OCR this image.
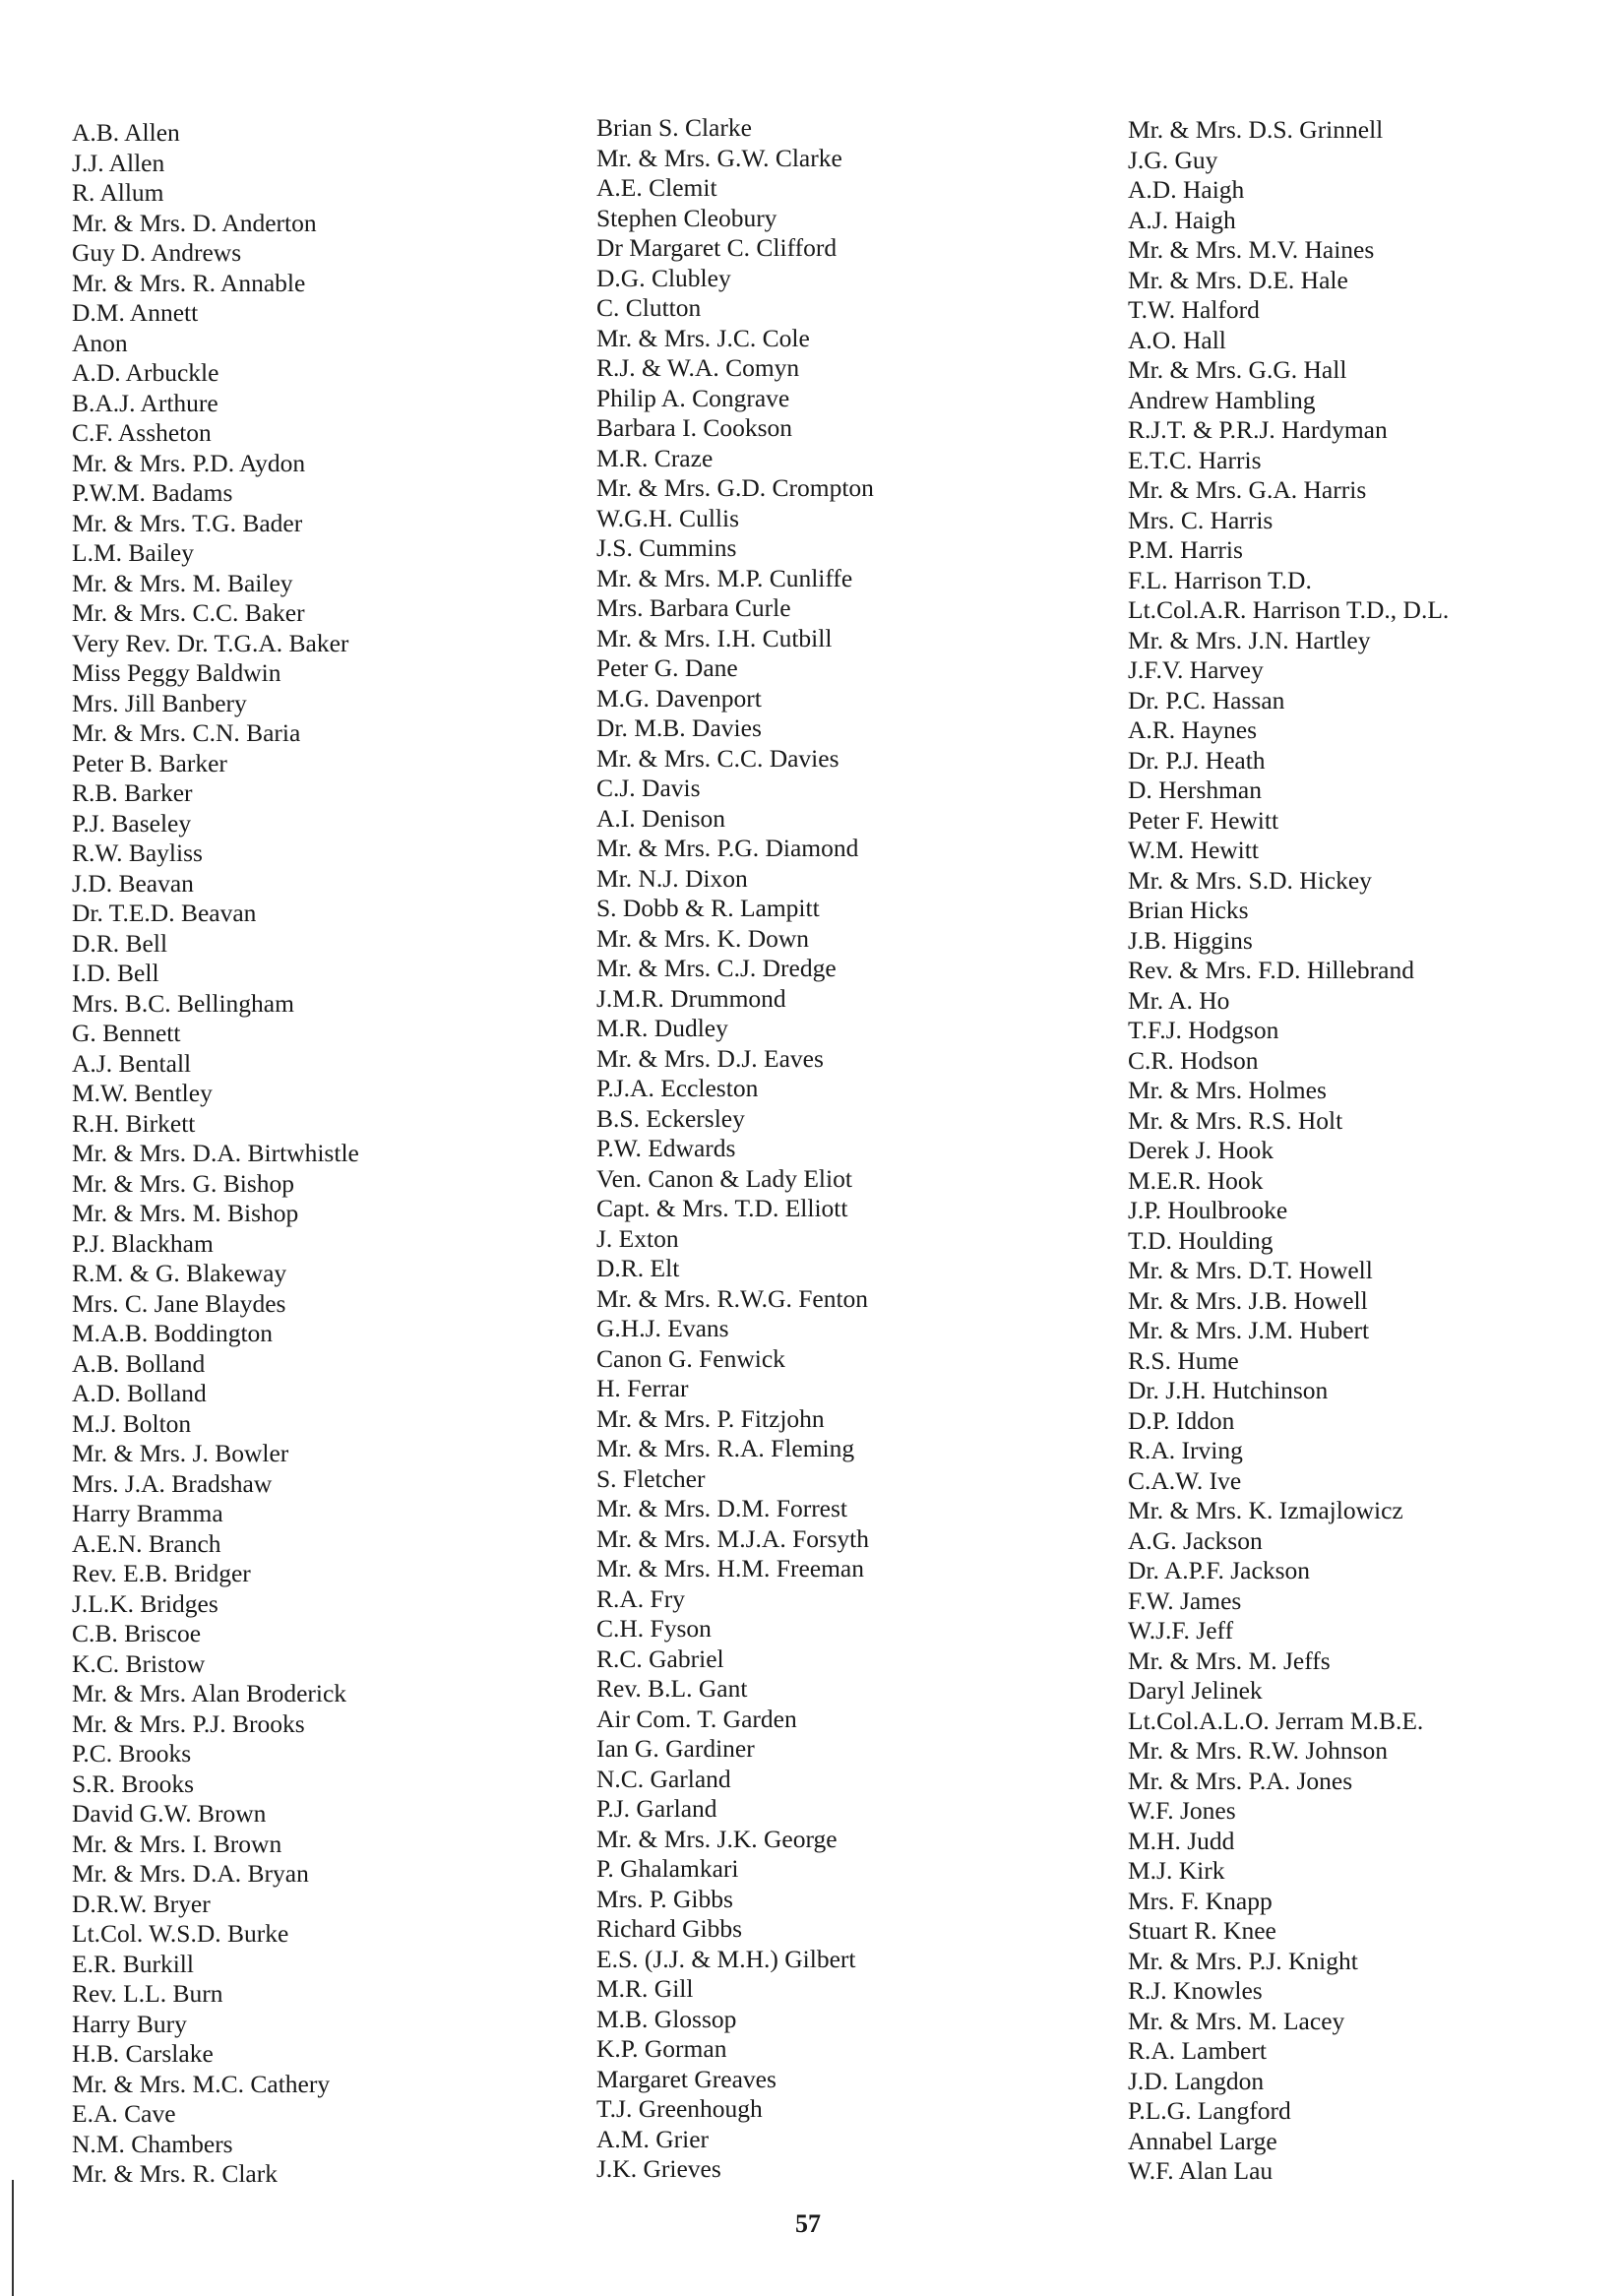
A.B. Allen
J.J. Allen
R. Allum
Mr. & Mrs. D. Anderton
Guy D. Andrews
Mr. & Mrs. R. Annable
D.M. Annett
Anon
A.D. Arbuckle
B.A.J. Arthure
C.F. Assheton
Mr. & Mrs. P.D. Aydon
P.W.M. Badams
Mr. & Mrs. T.G. Bader
L.M. Bailey
Mr. & Mrs. M. Bailey
Mr. & Mrs. C.C. Baker
Very Rev. Dr. T.G.A. Baker
Miss Peggy Baldwin
Mrs. Jill Banbery
Mr. & Mrs. C.N. Baria
Peter B. Barker
R.B. Barker
P.J. Baseley
R.W. Bayliss
J.D. Beavan
Dr. T.E.D. Beavan
D.R. Bell
I.D. Bell
Mrs. B.C. Bellingham
G. Bennett
A.J. Bentall
M.W. Bentley
R.H. Birkett
Mr. & Mrs. D.A. Birtwhistle
Mr. & Mrs. G. Bishop
Mr. & Mrs. M. Bishop
P.J. Blackham
R.M. & G. Blakeway
Mrs. C. Jane Blaydes
M.A.B. Boddington
A.B. Bolland
A.D. Bolland
M.J. Bolton
Mr. & Mrs. J. Bowler
Mrs. J.A. Bradshaw
Harry Bramma
A.E.N. Branch
Rev. E.B. Bridger
J.L.K. Bridges
C.B. Briscoe
K.C. Bristow
Mr. & Mrs. Alan Broderick
Mr. & Mrs. P.J. Brooks
P.C. Brooks
S.R. Brooks
David G.W. Brown
Mr. & Mrs. I. Brown
Mr. & Mrs. D.A. Bryan
D.R.W. Bryer
Lt.Col. W.S.D. Burke
E.R. Burkill
Rev. L.L. Burn
Harry Bury
H.B. Carslake
Mr. & Mrs. M.C. Cathery
E.A. Cave
N.M. Chambers
Mr. & Mrs. R. Clark
Brian S. Clarke
Mr. & Mrs. G.W. Clarke
A.E. Clemit
Stephen Cleobury
Dr Margaret C. Clifford
D.G. Clubley
C. Clutton
Mr. & Mrs. J.C. Cole
R.J. & W.A. Comyn
Philip A. Congrave
Barbara I. Cookson
M.R. Craze
Mr. & Mrs. G.D. Crompton
W.G.H. Cullis
J.S. Cummins
Mr. & Mrs. M.P. Cunliffe
Mrs. Barbara Curle
Mr. & Mrs. I.H. Cutbill
Peter G. Dane
M.G. Davenport
Dr. M.B. Davies
Mr. & Mrs. C.C. Davies
C.J. Davis
A.I. Denison
Mr. & Mrs. P.G. Diamond
Mr. N.J. Dixon
S. Dobb & R. Lampitt
Mr. & Mrs. K. Down
Mr. & Mrs. C.J. Dredge
J.M.R. Drummond
M.R. Dudley
Mr. & Mrs. D.J. Eaves
P.J.A. Eccleston
B.S. Eckersley
P.W. Edwards
Ven. Canon & Lady Eliot
Capt. & Mrs. T.D. Elliott
J. Exton
D.R. Elt
Mr. & Mrs. R.W.G. Fenton
G.H.J. Evans
Canon G. Fenwick
H. Ferrar
Mr. & Mrs. P. Fitzjohn
Mr. & Mrs. R.A. Fleming
S. Fletcher
Mr. & Mrs. D.M. Forrest
Mr. & Mrs. M.J.A. Forsyth
Mr. & Mrs. H.M. Freeman
R.A. Fry
C.H. Fyson
R.C. Gabriel
Rev. B.L. Gant
Air Com. T. Garden
Ian G. Gardiner
N.C. Garland
P.J. Garland
Mr. & Mrs. J.K. George
P. Ghalamkari
Mrs. P. Gibbs
Richard Gibbs
E.S. (J.J. & M.H.) Gilbert
M.R. Gill
M.B. Glossop
K.P. Gorman
Margaret Greaves
T.J. Greenhough
A.M. Grier
J.K. Grieves
Mr. & Mrs. D.S. Grinnell
J.G. Guy
A.D. Haigh
A.J. Haigh
Mr. & Mrs. M.V. Haines
Mr. & Mrs. D.E. Hale
T.W. Halford
A.O. Hall
Mr. & Mrs. G.G. Hall
Andrew Hambling
R.J.T. & P.R.J. Hardyman
E.T.C. Harris
Mr. & Mrs. G.A. Harris
Mrs. C. Harris
P.M. Harris
F.L. Harrison T.D.
Lt.Col.A.R. Harrison T.D., D.L.
Mr. & Mrs. J.N. Hartley
J.F.V. Harvey
Dr. P.C. Hassan
A.R. Haynes
Dr. P.J. Heath
D. Hershman
Peter F. Hewitt
W.M. Hewitt
Mr. & Mrs. S.D. Hickey
Brian Hicks
J.B. Higgins
Rev. & Mrs. F.D. Hillebrand
Mr. A. Ho
T.F.J. Hodgson
C.R. Hodson
Mr. & Mrs. Holmes
Mr. & Mrs. R.S. Holt
Derek J. Hook
M.E.R. Hook
J.P. Houlbrooke
T.D. Houlding
Mr. & Mrs. D.T. Howell
Mr. & Mrs. J.B. Howell
Mr. & Mrs. J.M. Hubert
R.S. Hume
Dr. J.H. Hutchinson
D.P. Iddon
R.A. Irving
C.A.W. Ive
Mr. & Mrs. K. Izmajlowicz
A.G. Jackson
Dr. A.P.F. Jackson
F.W. James
W.J.F. Jeff
Mr. & Mrs. M. Jeffs
Daryl Jelinek
Lt.Col.A.L.O. Jerram M.B.E.
Mr. & Mrs. R.W. Johnson
Mr. & Mrs. P.A. Jones
W.F. Jones
M.H. Judd
M.J. Kirk
Mrs. F. Knapp
Stuart R. Knee
Mr. & Mrs. P.J. Knight
R.J. Knowles
Mr. & Mrs. M. Lacey
R.A. Lambert
J.D. Langdon
P.L.G. Langford
Annabel Large
W.F. Alan Lau
57
